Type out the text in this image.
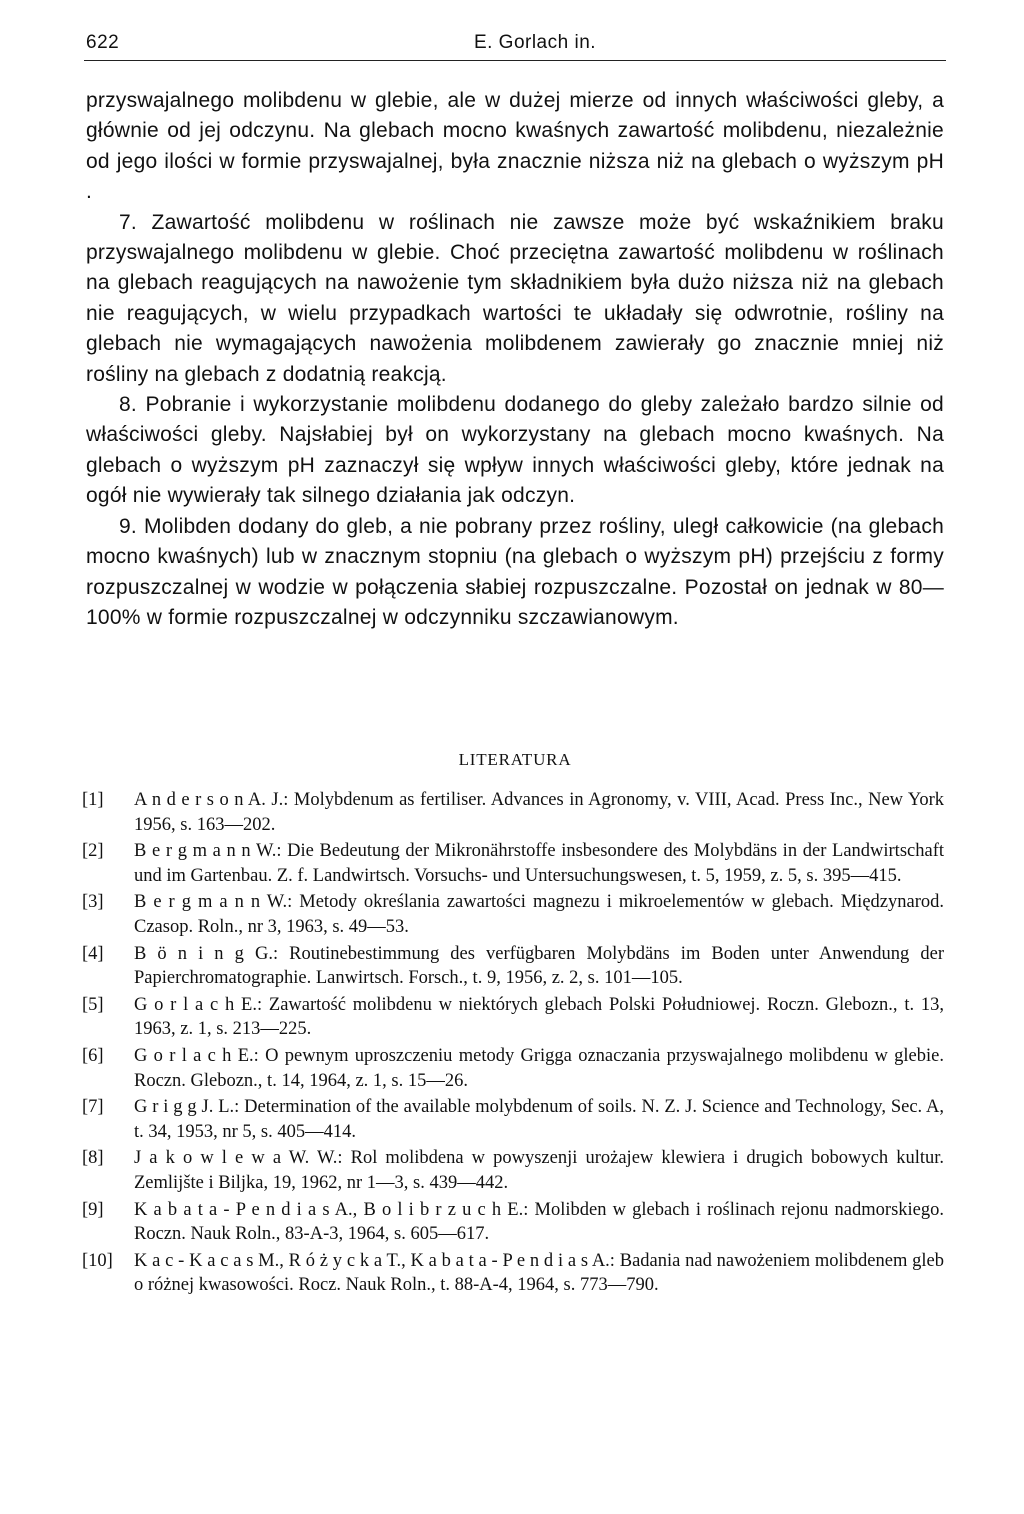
622	E. Gorlach in.

przyswajalnego molibdenu w glebie, ale w dużej mierze od innych właściwości gleby, a głównie od jej odczynu. Na glebach mocno kwaśnych zawartość molibdenu, niezależnie od jego ilości w formie przyswajalnej, była znacznie niższa niż na glebach o wyższym pH .

7. Zawartość molibdenu w roślinach nie zawsze może być wskaźnikiem braku przyswajalnego molibdenu w glebie. Choć przeciętna zawartość molibdenu w roślinach na glebach reagujących na nawożenie tym składnikiem była dużo niższa niż na glebach nie reagujących, w wielu przypadkach wartości te układały się odwrotnie, rośliny na glebach nie wymagających nawożenia molibdenem zawierały go znacznie mniej niż rośliny na glebach z dodatnią reakcją.

8. Pobranie i wykorzystanie molibdenu dodanego do gleby zależało bardzo silnie od właściwości gleby. Najsłabiej był on wykorzystany na glebach mocno kwaśnych. Na glebach o wyższym pH zaznaczył się wpływ innych właściwości gleby, które jednak na ogół nie wywierały tak silnego działania jak odczyn.

9. Molibden dodany do gleb, a nie pobrany przez rośliny, uległ całkowicie (na glebach mocno kwaśnych) lub w znacznym stopniu (na glebach o wyższym pH) przejściu z formy rozpuszczalnej w wodzie w połączenia słabiej rozpuszczalne. Pozostał on jednak w 80—100% w formie rozpuszczalnej w odczynniku szczawianowym.

LITERATURA
[1]	A n d e r s o n A. J.: Molybdenum as fertiliser. Advances in Agronomy, v. VIII, Acad. Press Inc., New York 1956, s. 163—202.
[2]	B e r g m a n n W.: Die Bedeutung der Mikronährstoffe insbesondere des Molybdäns in der Landwirtschaft und im Gartenbau. Z. f. Landwirtsch. Vorsuchs- und Untersuchungswesen, t. 5, 1959, z. 5, s. 395—415.
[3]	B e r g m a n n W.: Metody określania zawartości magnezu i mikroelementów w glebach. Międzynarod. Czasop. Roln., nr 3, 1963, s. 49—53.
[4]	B ö n i n g G.: Routinebestimmung des verfügbaren Molybdäns im Boden unter Anwendung der Papierchromatographie. Lanwirtsch. Forsch., t. 9, 1956, z. 2, s. 101—105.
[5]	G o r l a c h E.: Zawartość molibdenu w niektórych glebach Polski Południowej. Roczn. Glebozn., t. 13, 1963, z. 1, s. 213—225.
[6]	G o r l a c h E.: O pewnym uproszczeniu metody Grigga oznaczania przyswajalnego molibdenu w glebie. Roczn. Glebozn., t. 14, 1964, z. 1, s. 15—26.
[7]	G r i g g J. L.: Determination of the available molybdenum of soils. N. Z. J. Science and Technology, Sec. A, t. 34, 1953, nr 5, s. 405—414.
[8]	J a k o w l e w a W. W.: Rol molibdena w powyszenji urożajew klewiera i drugich bobowych kultur. Zemlijšte i Biljka, 19, 1962, nr 1—3, s. 439—442.
[9]	K a b a t a - P e n d i a s A., B o l i b r z u c h E.: Molibden w glebach i roślinach rejonu nadmorskiego. Roczn. Nauk Roln., 83-A-3, 1964, s. 605—617.
[10]	K a c - K a c a s M., R ó ż y c k a T., K a b a t a - P e n d i a s A.: Badania nad nawożeniem molibdenem gleb o różnej kwasowości. Rocz. Nauk Roln., t. 88-A-4, 1964, s. 773—790.
